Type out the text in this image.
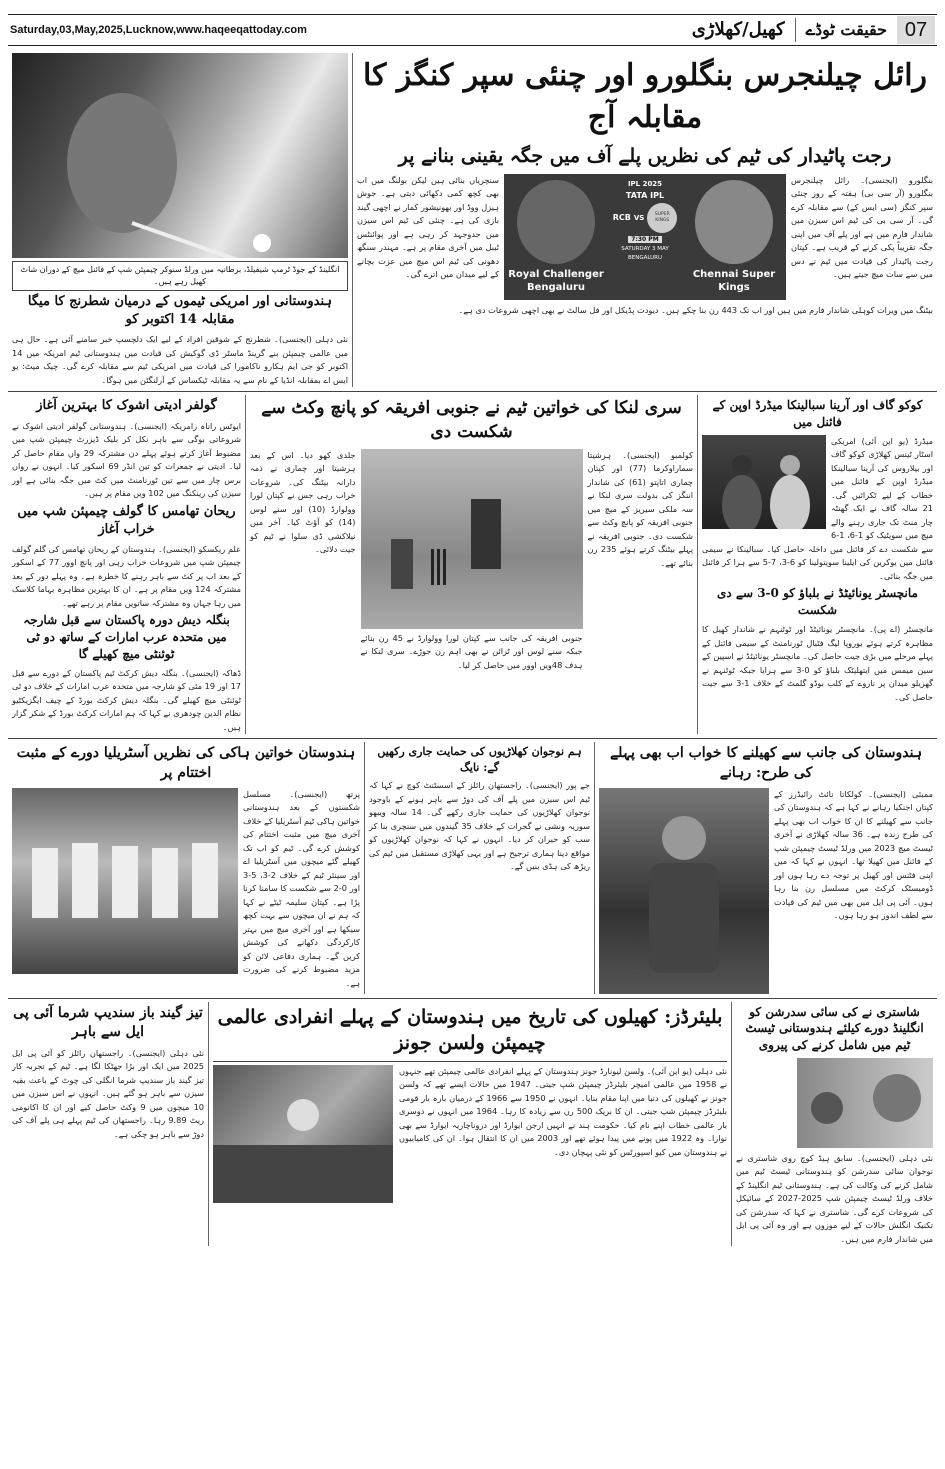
Saturday,03,May,2025,Lucknow,www.haqeeqattoday.com	کھیل/کھلاڑی حقیقت ٹوڈے 07
انگلینڈ کے جوڈ ٹرمپ شیفیلڈ، برطانیہ میں ورلڈ سنوکر چیمپئن شپ کے فائنل میچ کے دوران شاٹ کھیل رہے ہیں۔
ہندوستانی اور امریکی ٹیموں کے درمیان شطرنج کا میگا مقابلہ 14 اکتوبر کو
نئی دہلی (ایجنسی)۔ شطرنج کے شوقین افراد کے لیے ایک دلچسپ خبر سامنے آئی ہے۔ حال ہی میں عالمی چیمپئن بنے گرینڈ ماسٹر ڈی گوکیش کی قیادت میں ہندوستانی ٹیم امریکہ میں 14 اکتوبر کو جی ایم ہکارو ناکامورا کی قیادت میں امریکی ٹیم سے مقابلہ کرے گی۔ چیک میٹ: یو ایس اے بمقابلہ انڈیا کے نام سے یہ مقابلہ ٹیکساس کے آرلنگٹن میں ہوگا۔
رائل چیلنجرس بنگلورو اور چنئی سپر کنگز کا مقابلہ آج
رجت پاٹیدار کی ٹیم کی نظریں پلے آف میں جگہ یقینی بنانے پر
سنچریاں بنائی ہیں لیکن بولنگ میں اب بھی کچھ کمی دکھائی دیتی ہے۔ جوش ہیزل ووڈ اور بھونیشور کمار نے اچھی گیند بازی کی ہے۔ چنئی کی ٹیم اس سیزن میں جدوجہد کر رہی ہے اور پوائنٹس ٹیبل میں آخری مقام پر ہے۔ مہندر سنگھ دھونی کی ٹیم اس میچ میں عزت بچانے کے لیے میدان میں اترے گی۔ Royal Challenger Bengaluru
IPL 2025
TATA IPL
RCB VS	SUPER KINGS
7:30 PM
SATURDAY 3 MAY
BENGALURU
Chennai Super Kings
بنگلورو (ایجنسی)۔ رائل چیلنجرس بنگلورو (آر سی بی) ہفتہ کے روز چنئی سپر کنگز (سی ایس کے) سے مقابلہ کرے گی۔ آر سی بی کی ٹیم اس سیزن میں شاندار فارم میں ہے اور پلے آف میں اپنی جگہ تقریباً پکی کرنے کے قریب ہے۔ کپتان رجت پاٹیدار کی قیادت میں ٹیم نے دس میں سے سات میچ جیتے ہیں۔
بیٹنگ میں ویرات کوہلی شاندار فارم میں ہیں اور اب تک 443 رن بنا چکے ہیں۔ دیودت پڈیکل اور فل سالٹ نے بھی اچھی شروعات دی ہے۔
گولفر ادیتی اشوک کا بہترین آغاز
ایوٹس راناہ رامریکہ (ایجنسی)۔ ہندوستانی گولفر ادیتی اشوک نے شروعاتی بوگی سے باہر نکل کر بلیک ڈیزرٹ چیمپئن شپ میں مضبوط آغاز کرتے ہوئے پہلے دن مشترکہ 29 واں مقام حاصل کر لیا۔ ادیتی نے جمعرات کو تین انڈر 69 اسکور کیا۔ انہوں نے رواں برس چار میں سے تین ٹورنامنٹ میں کٹ میں جگہ بنائی ہے اور سیزن کی رینکنگ میں 102 ویں مقام پر ہیں۔
ریحان تھامس کا گولف چیمپئن شپ میں خراب آغاز
علم ریکسکو (ایجنسی)۔ ہندوستان کے ریحان تھامس کی گلم گولف چیمپئن شپ میں شروعات خراب رہی اور پانچ اوور 77 کے اسکور کے بعد اب پر کٹ سے باہر رہنے کا خطرہ ہے۔ وہ پہلے دور کے بعد مشترکہ 124 ویں مقام پر ہے۔ ان کا بہترین مظاہرہ بہاما کلاسک میں رہا جہاں وہ مشترکہ ساتویں مقام پر رہے تھے۔
بنگلہ دیش دورہ پاکستان سے قبل شارجہ میں متحدہ عرب امارات کے ساتھ دو ٹی ٹوئنٹی میچ کھیلے گا
ڈھاکہ (ایجنسی)۔ بنگلہ دیش کرکٹ ٹیم پاکستان کے دورے سے قبل 17 اور 19 مئی کو شارجہ میں متحدہ عرب امارات کے خلاف دو ٹی ٹوئنٹی میچ کھیلے گی۔ بنگلہ دیش کرکٹ بورڈ کے چیف ایگزیکٹیو نظام الدین چودھری نے کہا کہ ہم امارات کرکٹ بورڈ کے شکر گزار ہیں۔
سری لنکا کی خواتین ٹیم نے جنوبی افریقہ کو پانچ وکٹ سے شکست دی
جلدی کھو دیا۔ اس کے بعد ہرشیتا اور چماری نے ذمہ دارانہ بیٹنگ کی۔ شروعات خراب رہی جس نے کپتان لورا وولوارڈ (10) اور سنے لوس (14) کو آؤٹ کیا۔ آخر میں نیلاکشی ڈی سلوا نے ٹیم کو جیت دلائی۔
جنوبی افریقہ کی جانب سے کپتان لورا وولوارڈ نے 45 رن بنائے جبکہ سنے لوس اور ٹرائن نے بھی اہم رن جوڑے۔ سری لنکا نے ہدف 48ویں اوور میں حاصل کر لیا۔
کولمبو (ایجنسی)۔ ہرشیتا سماراوکرما (77) اور کپتان چماری اتاپتو (61) کی شاندار اننگز کی بدولت سری لنکا نے سہ ملکی سیریز کے میچ میں جنوبی افریقہ کو پانچ وکٹ سے شکست دی۔ جنوبی افریقہ نے پہلے بیٹنگ کرتے ہوئے 235 رن بنائے تھے۔
کوکو گاف اور آرینا سبالینکا میڈرڈ اوپن کے فائنل میں
میڈرڈ (یو این آئی) امریکی اسٹار ٹینس کھلاڑی کوکو گاف اور بیلاروس کی آرینا سبالینکا میڈرڈ اوپن کے فائنل میں خطاب کے لیے ٹکرائیں گی۔ 21 سالہ گاف نے ایک گھنٹہ چار منٹ تک جاری رہنے والے میچ میں سویٹیک کو 1-6، 1-6 سے شکست دے کر فائنل میں داخلہ حاصل کیا۔ سبالینکا نے سیمی فائنل میں یوکرین کی ایلینا سویتولینا کو 6-3، 7-5 سے ہرا کر فائنل میں جگہ بنائی۔
مانچسٹر یونائیٹڈ نے بلباؤ کو 0-3 سے دی شکست
مانچسٹر (اے پی)۔ مانچسٹر یونائیٹڈ اور ٹوٹنہم نے شاندار کھیل کا مظاہرہ کرتے ہوئے یوروپا لیگ فٹبال ٹورنامنٹ کے سیمی فائنل کے پہلے مرحلے میں بڑی جیت حاصل کی۔ مانچسٹر یونائیٹڈ نے اسپین کے سین میمس میں ایتھلیٹک بلباؤ کو 0-3 سے ہرایا جبکہ ٹوٹنہم نے گھریلو میدان پر ناروے کے کلب بوڈو گلمٹ کے خلاف 1-3 سے جیت حاصل کی۔
ہندوستان خواتین ہاکی کی نظریں آسٹریلیا دورے کے مثبت اختتام پر
پرتھ (ایجنسی)۔ مسلسل شکستوں کے بعد ہندوستانی خواتین ہاکی ٹیم آسٹریلیا کے خلاف آخری میچ میں مثبت اختتام کی کوشش کرے گی۔ ٹیم کو اب تک کھیلے گئے میچوں میں آسٹریلیا اے اور سینئر ٹیم کے خلاف 2-3، 5-3 اور 0-2 سے شکست کا سامنا کرنا پڑا ہے۔ کپتان سلیمہ ٹیٹے نے کہا کہ ہم نے ان میچوں سے بہت کچھ سیکھا ہے اور آخری میچ میں بہتر کارکردگی دکھانے کی کوشش کریں گے۔ ہماری دفاعی لائن کو مزید مضبوط کرنے کی ضرورت ہے۔
ہم نوجوان کھلاڑیوں کی حمایت جاری رکھیں گے: نایگ
جے پور (ایجنسی)۔ راجستھان رائلز کے اسسٹنٹ کوچ نے کہا کہ ٹیم اس سیزن میں پلے آف کی دوڑ سے باہر ہونے کے باوجود نوجوان کھلاڑیوں کی حمایت جاری رکھے گی۔ 14 سالہ ویبھو سوریہ ونشی نے گجرات کے خلاف 35 گیندوں میں سنچری بنا کر سب کو حیران کر دیا۔ انہوں نے کہا کہ نوجوان کھلاڑیوں کو مواقع دینا ہماری ترجیح ہے اور یہی کھلاڑی مستقبل میں ٹیم کی ریڑھ کی ہڈی بنیں گے۔
ہندوستان کی جانب سے کھیلنے کا خواب اب بھی پہلے کی طرح: رہانے
ممبئی (ایجنسی)۔ کولکاتا نائٹ رائیڈرز کے کپتان اجنکیا رہانے نے کہا ہے کہ ہندوستان کی جانب سے کھیلنے کا ان کا خواب اب بھی پہلے کی طرح زندہ ہے۔ 36 سالہ کھلاڑی نے آخری ٹیسٹ میچ 2023 میں ورلڈ ٹیسٹ چیمپئن شپ کے فائنل میں کھیلا تھا۔ انہوں نے کہا کہ میں اپنی فٹنس اور کھیل پر توجہ دے رہا ہوں اور ڈومیسٹک کرکٹ میں مسلسل رن بنا رہا ہوں۔ آئی پی ایل میں بھی میں ٹیم کی قیادت سے لطف اندوز ہو رہا ہوں۔
تیز گیند باز سندیپ شرما آئی پی ایل سے باہر
نئی دہلی (ایجنسی)۔ راجستھان رائلز کو آئی پی ایل 2025 میں ایک اور بڑا جھٹکا لگا ہے۔ ٹیم کے تجربہ کار تیز گیند باز سندیپ شرما انگلی کی چوٹ کے باعث بقیہ سیزن سے باہر ہو گئے ہیں۔ انہوں نے اس سیزن میں 10 میچوں میں 9 وکٹ حاصل کیے اور ان کا اکانومی ریٹ 9.89 رہا۔ راجستھان کی ٹیم پہلے ہی پلے آف کی دوڑ سے باہر ہو چکی ہے۔
بلیئرڈز: کھیلوں کی تاریخ میں ہندوستان کے پہلے انفرادی عالمی چیمپئن ولسن جونز
نئی دہلی (یو این آئی)۔ ولسن لیونارڈ جونز ہندوستان کے پہلے انفرادی عالمی چیمپئن تھے جنہوں نے 1958 میں عالمی امیچر بلیئرڈز چیمپئن شپ جیتی۔ 1947 میں حالات ایسے تھے کہ ولسن جونز نے کھیلوں کی دنیا میں اپنا مقام بنایا۔ انہوں نے 1950 سے 1966 کے درمیان بارہ بار قومی بلیئرڈز چیمپئن شپ جیتی۔ ان کا بریک 500 رن سے زیادہ کا رہا۔ 1964 میں انہوں نے دوسری بار عالمی خطاب اپنے نام کیا۔ حکومت ہند نے انہیں ارجن ایوارڈ اور دروناچاریہ ایوارڈ سے بھی نوازا۔ وہ 1922 میں پونے میں پیدا ہوئے تھے اور 2003 میں ان کا انتقال ہوا۔ ان کی کامیابیوں نے ہندوستان میں کیو اسپورٹس کو نئی پہچان دی۔
شاستری نے کی سائی سدرشن کو انگلینڈ دورے کیلئے ہندوستانی ٹیسٹ ٹیم میں شامل کرنے کی پیروی
نئی دہلی (ایجنسی)۔ سابق ہیڈ کوچ روی شاستری نے نوجوان سائی سدرشن کو ہندوستانی ٹیسٹ ٹیم میں شامل کرنے کی وکالت کی ہے۔ ہندوستانی ٹیم انگلینڈ کے خلاف ورلڈ ٹیسٹ چیمپئن شپ 2025-2027 کے سائیکل کی شروعات کرے گی۔ شاستری نے کہا کہ سدرشن کی تکنیک انگلش حالات کے لیے موزوں ہے اور وہ آئی پی ایل میں شاندار فارم میں ہیں۔
